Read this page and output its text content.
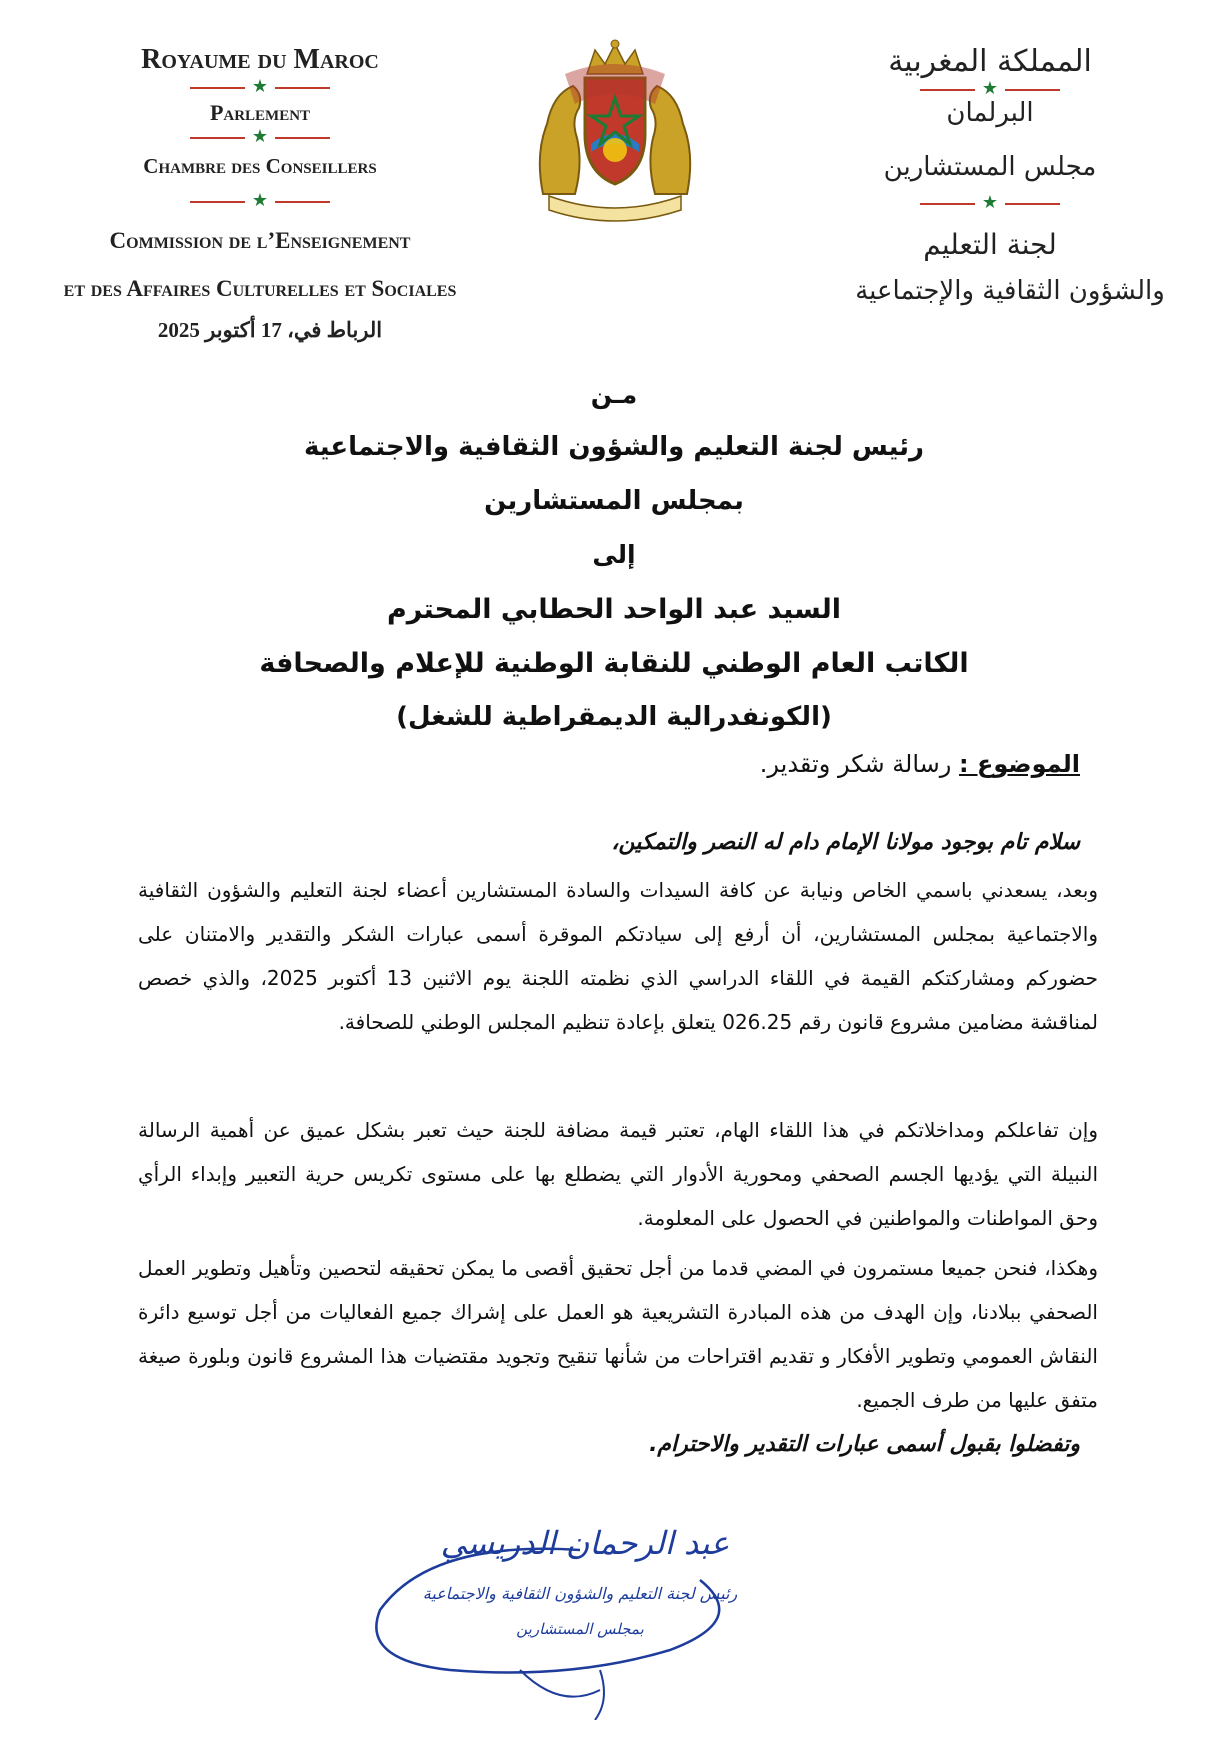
Royaume du Maroc
★
Parlement
★
Chambre des Conseillers
★
Commission de l’Enseignement
et des Affaires Culturelles et Sociales
الرباط في، 17 أكتوبر 2025
المملكة المغربية
★
البرلمان
مجلس المستشارين
★
لجنة التعليم
والشؤون الثقافية والإجتماعية
مـن
رئيس لجنة التعليم والشؤون الثقافية والاجتماعية
بمجلس المستشارين
إلى
السيد عبد الواحد الحطابي المحترم
الكاتب العام الوطني للنقابة الوطنية للإعلام والصحافة
(الكونفدرالية الديمقراطية للشغل)
الموضوع : رسالة شكر وتقدير.
سلام تام بوجود مولانا الإمام دام له النصر والتمكين،
وبعد، يسعدني باسمي الخاص ونيابة عن كافة السيدات والسادة المستشارين أعضاء لجنة التعليم والشؤون الثقافية والاجتماعية بمجلس المستشارين، أن أرفع إلى سيادتكم الموقرة أسمى عبارات الشكر والتقدير والامتنان على حضوركم ومشاركتكم القيمة في اللقاء الدراسي الذي نظمته اللجنة يوم الاثنين 13 أكتوبر 2025، والذي خصص لمناقشة مضامين مشروع قانون رقم 026.25 يتعلق بإعادة تنظيم المجلس الوطني للصحافة.
وإن تفاعلكم ومداخلاتكم في هذا اللقاء الهام، تعتبر قيمة مضافة للجنة حيث تعبر بشكل عميق عن أهمية الرسالة النبيلة التي يؤديها الجسم الصحفي ومحورية الأدوار التي يضطلع بها على مستوى تكريس حرية التعبير وإبداء الرأي وحق المواطنات والمواطنين في الحصول على المعلومة.
وهكذا، فنحن جميعا مستمرون في المضي قدما من أجل تحقيق أقصى ما يمكن تحقيقه لتحصين وتأهيل وتطوير العمل الصحفي ببلادنا، وإن الهدف من هذه المبادرة التشريعية هو العمل على إشراك جميع الفعاليات من أجل توسيع دائرة النقاش العمومي وتطوير الأفكار و تقديم اقتراحات من شأنها تنقيح وتجويد مقتضيات هذا المشروع قانون وبلورة صيغة متفق عليها من طرف الجميع.
وتفضلوا بقبول أسمى عبارات التقدير والاحترام.
عبد الرحمان الدريسي
رئيس لجنة التعليم والشؤون الثقافية والاجتماعية
بمجلس المستشارين
